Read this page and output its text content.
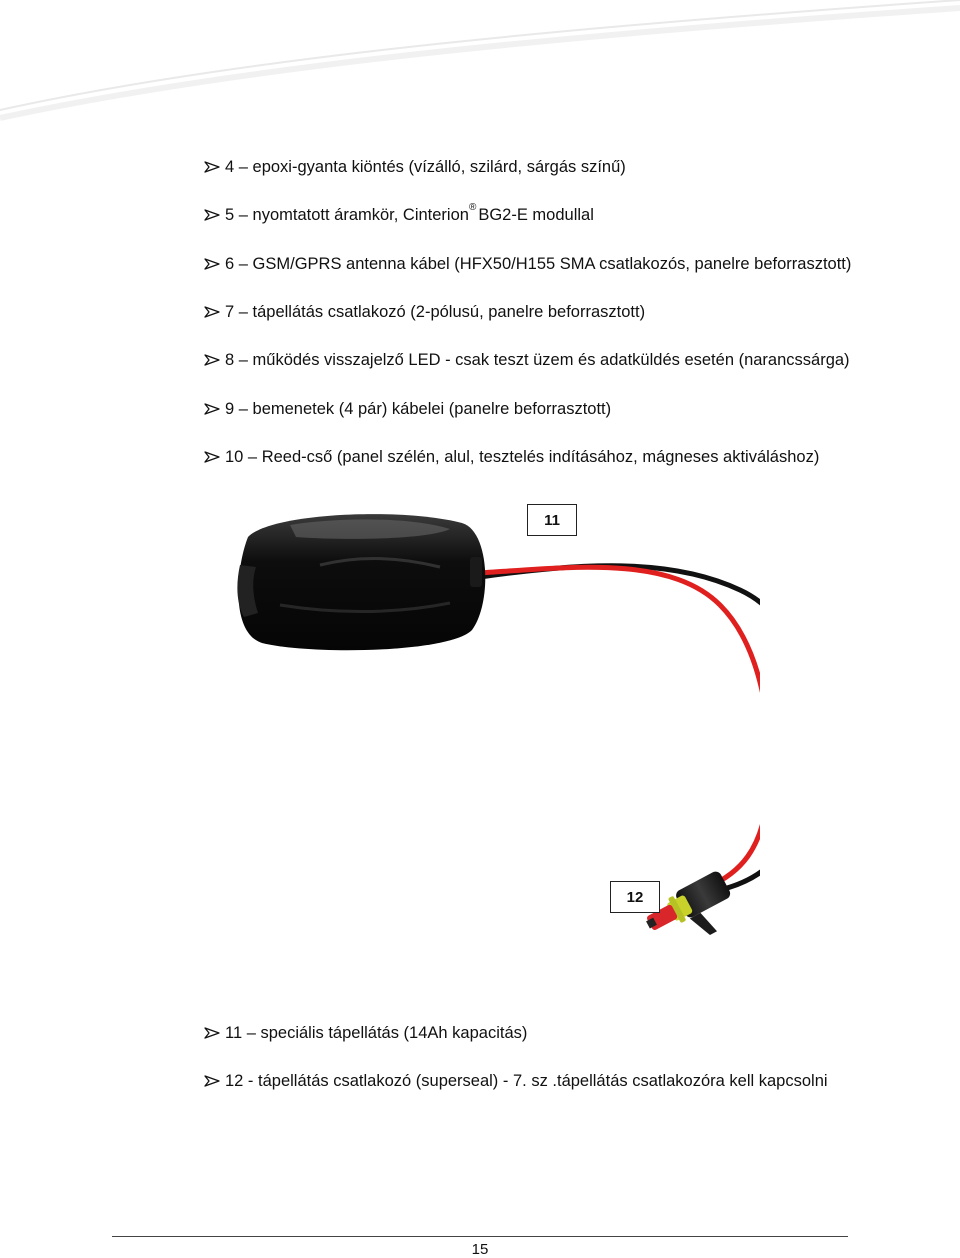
4 – epoxi-gyanta kiöntés (vízálló, szilárd, sárgás színű)
5 – nyomtatott áramkör, Cinterion ® BG2-E modullal
6 – GSM/GPRS antenna kábel (HFX50/H155 SMA csatlakozós, panelre beforrasztott)
7 – tápellátás csatlakozó (2-pólusú, panelre beforrasztott)
8 – működés visszajelző LED - csak teszt üzem és adatküldés esetén (narancssárga)
9 – bemenetek (4 pár) kábelei (panelre beforrasztott)
10 – Reed-cső (panel szélén, alul, tesztelés indításához, mágneses aktiváláshoz)
11
12
11 – speciális tápellátás (14Ah kapacitás)
12 - tápellátás csatlakozó (superseal) - 7. sz .tápellátás csatlakozóra kell kapcsolni
15
